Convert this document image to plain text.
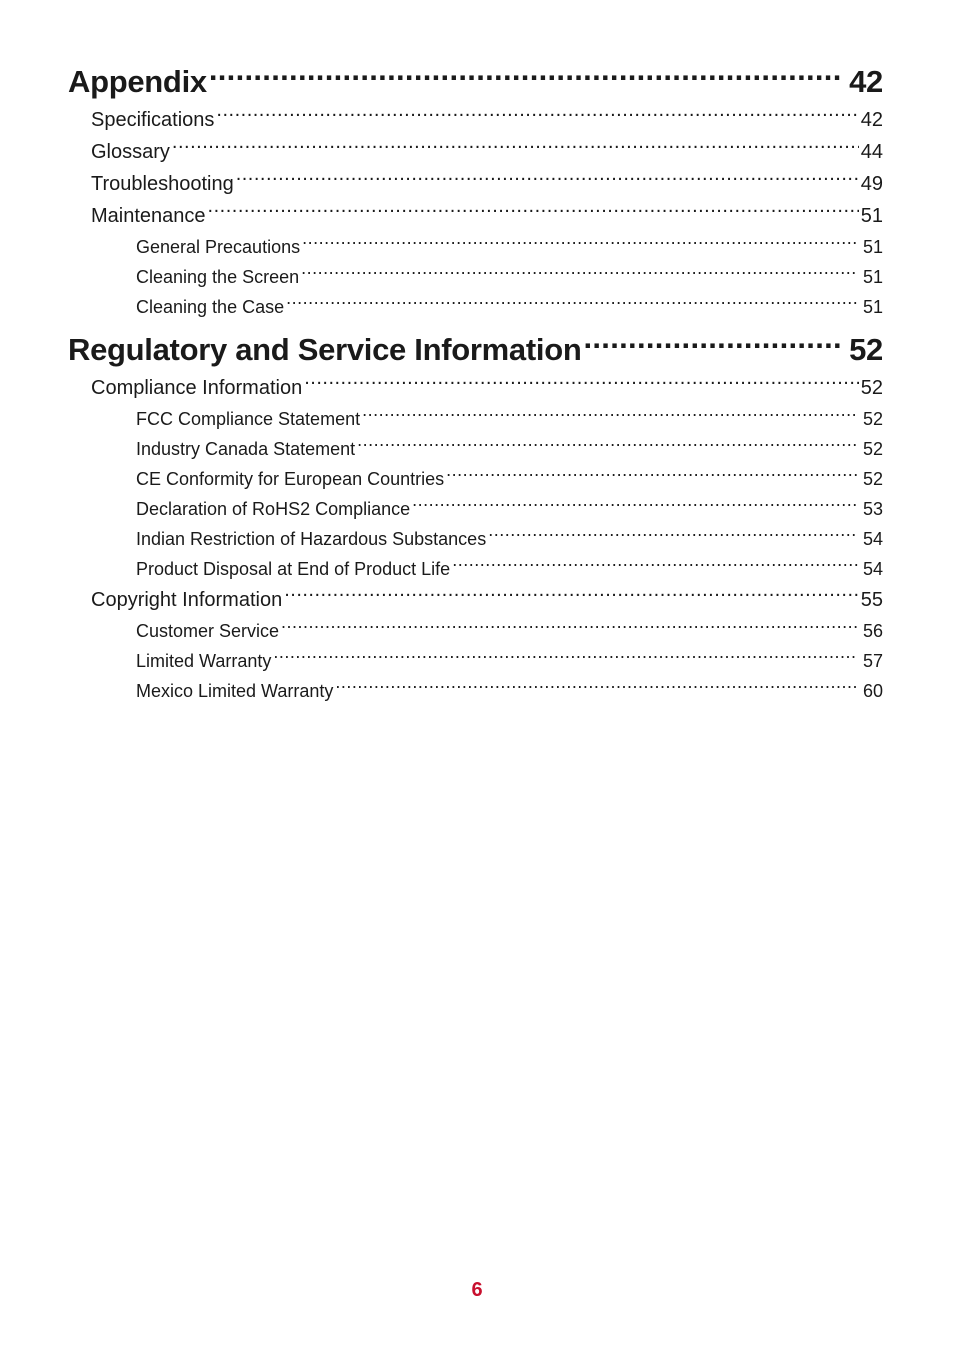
Appendix .....	42
Specifications .....	42
Glossary .....	44
Troubleshooting .....	49
Maintenance .....	51
General Precautions .....	51
Cleaning the Screen .....	51
Cleaning the Case .....	51
Regulatory and Service Information .....	52
Compliance Information .....	52
FCC Compliance Statement .....	52
Industry Canada Statement .....	52
CE Conformity for European Countries .....	52
Declaration of RoHS2 Compliance .....	53
Indian Restriction of Hazardous Substances .....	54
Product Disposal at End of Product Life .....	54
Copyright Information .....	55
Customer Service .....	56
Limited Warranty .....	57
Mexico Limited Warranty .....	60
6
